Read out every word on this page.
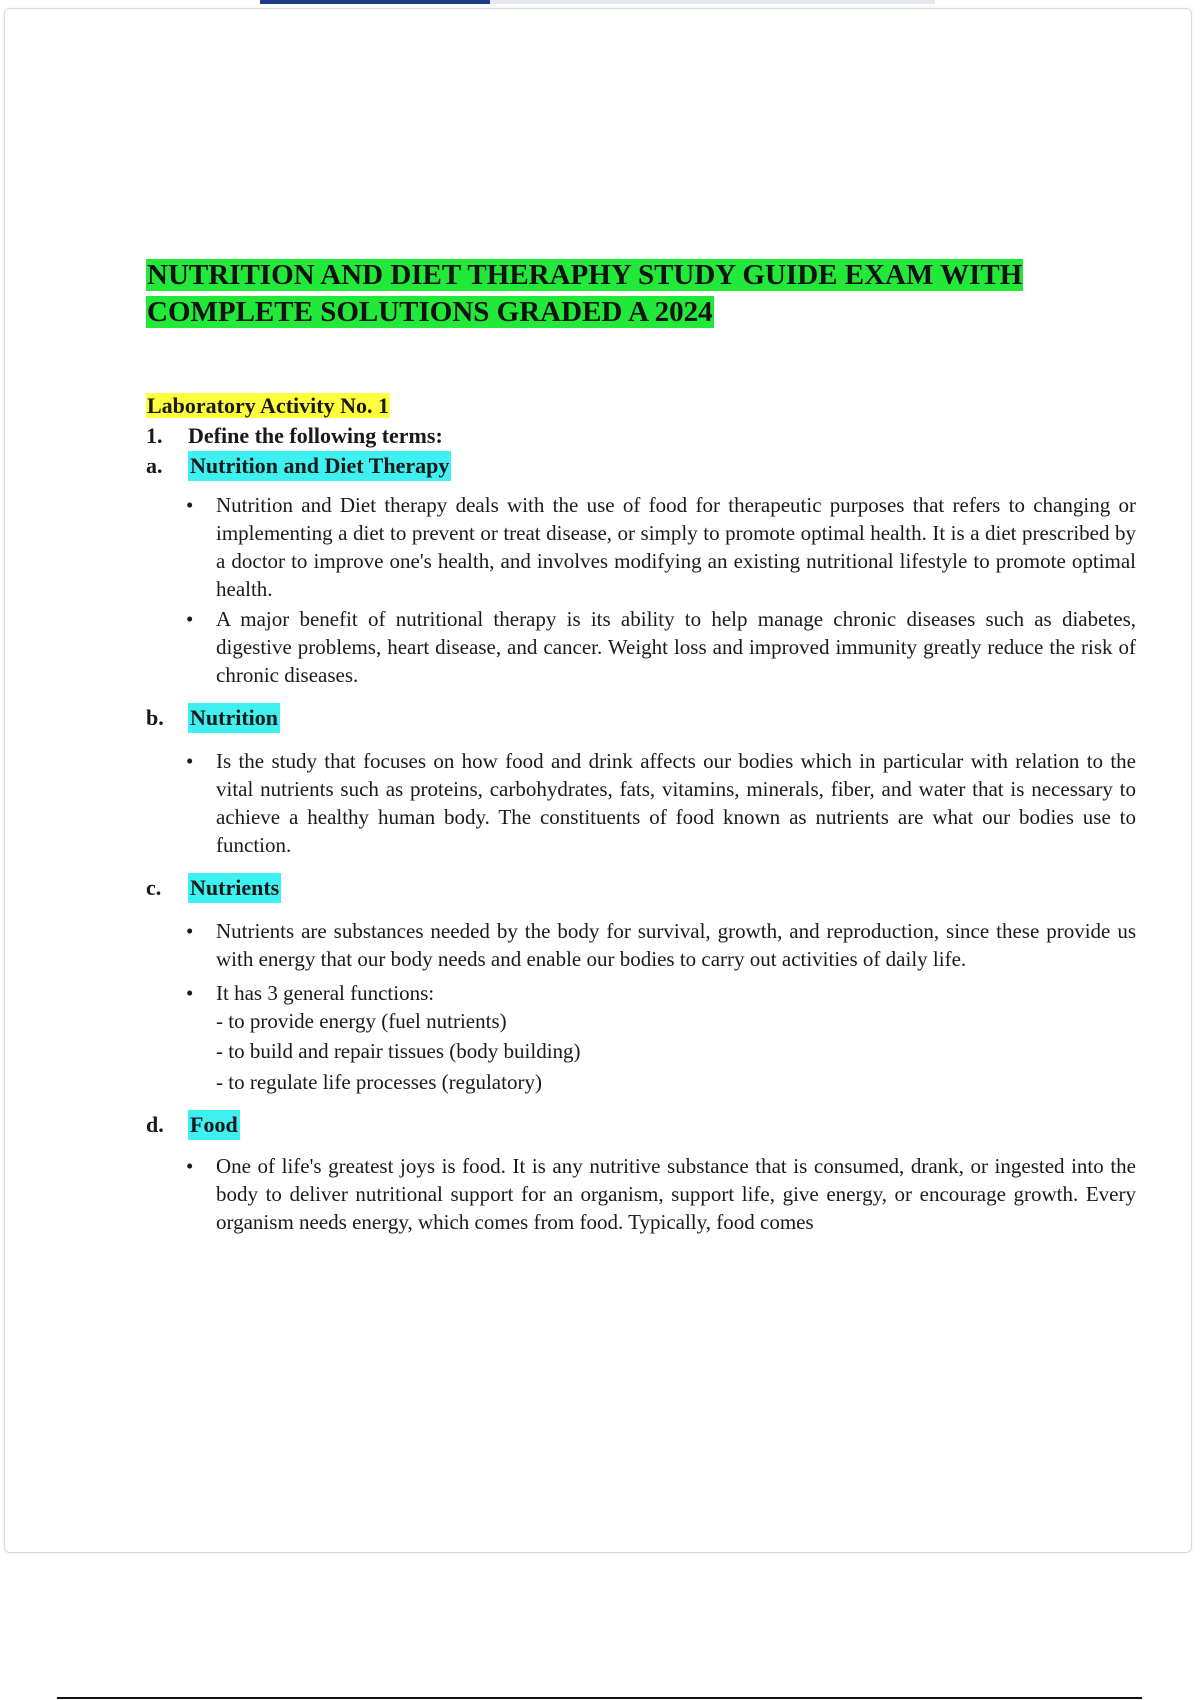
NUTRITION AND DIET THERAPHY STUDY GUIDE EXAM WITH COMPLETE SOLUTIONS GRADED A 2024
Laboratory Activity No. 1
1.	Define the following terms:
a.	Nutrition and Diet Therapy
• Nutrition and Diet therapy deals with the use of food for therapeutic purposes that refers to changing or implementing a diet to prevent or treat disease, or simply to promote optimal health. It is a diet prescribed by a doctor to improve one's health, and involves modifying an existing nutritional lifestyle to promote optimal health.
• A major benefit of nutritional therapy is its ability to help manage chronic diseases such as diabetes, digestive problems, heart disease, and cancer. Weight loss and improved immunity greatly reduce the risk of chronic diseases.
b.	Nutrition
• Is the study that focuses on how food and drink affects our bodies which in particular with relation to the vital nutrients such as proteins, carbohydrates, fats, vitamins, minerals, fiber, and water that is necessary to achieve a healthy human body. The constituents of food known as nutrients are what our bodies use to function.
c.	Nutrients
• Nutrients are substances needed by the body for survival, growth, and reproduction, since these provide us with energy that our body needs and enable our bodies to carry out activities of daily life.
• It has 3 general functions:
- to provide energy (fuel nutrients)
- to build and repair tissues (body building)
- to regulate life processes (regulatory)
d.	Food
• One of life's greatest joys is food. It is any nutritive substance that is consumed, drank, or ingested into the body to deliver nutritional support for an organism, support life, give energy, or encourage growth. Every organism needs energy, which comes from food. Typically, food comes
